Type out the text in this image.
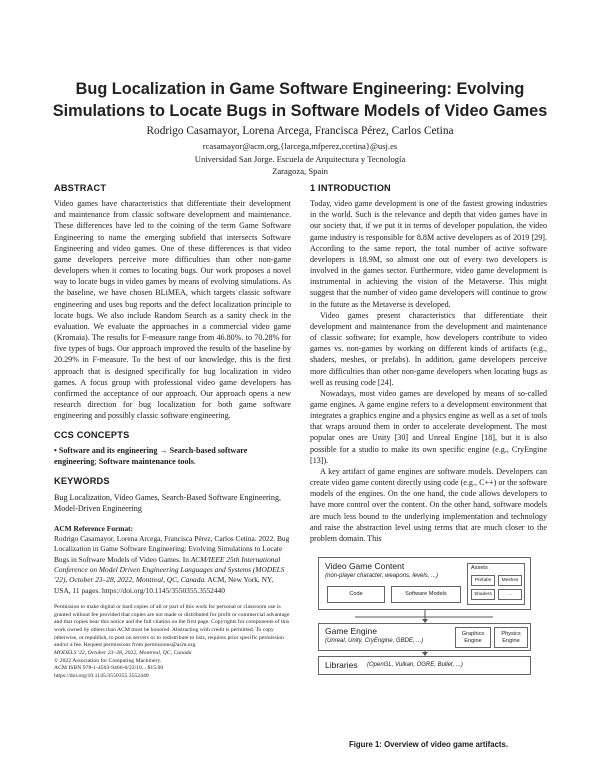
Bug Localization in Game Software Engineering: Evolving
Simulations to Locate Bugs in Software Models of Video Games
Rodrigo Casamayor, Lorena Arcega, Francisca Pérez, Carlos Cetina
rcasamayor@acm.org,{larcega,mfperez,ccetina}@usj.es
Universidad San Jorge. Escuela de Arquitectura y Tecnología
Zaragoza, Spain
ABSTRACT

Video games have characteristics that differentiate their development and maintenance from classic software development and maintenance. These differences have led to the coining of the term Game Software Engineering to name the emerging subfield that intersects Software Engineering and video games. One of these differences is that video game developers perceive more difficulties than other non-game developers when it comes to locating bugs. Our work proposes a novel way to locate bugs in video games by means of evolving simulations. As the baseline, we have chosen BLiMEA, which targets classic software engineering and uses bug reports and the defect localization principle to locate bugs. We also include Random Search as a sanity check in the evaluation. We evaluate the approaches in a commercial video game (Kromaia). The results for F-measure range from 46.80%. to 70.28% for five types of bugs. Our approach improved the results of the baseline by 20.29% in F-measure. To the best of our knowledge, this is the first approach that is designed specifically for bug localization in video games. A focus group with professional video game developers has confirmed the acceptance of our approach. Our approach opens a new research direction for bug localization for both game software engineering and possibly classic software engineering.

CCS CONCEPTS

• Software and its engineering → Search-based software engineering; Software maintenance tools.

KEYWORDS

Bug Localization, Video Games, Search-Based Software Engineering, Model-Driven Engineering

ACM Reference Format:

Rodrigo Casamayor, Lorena Arcega, Francisca Pérez, Carlos Cetina. 2022. Bug Localization in Game Software Engineering: Evolving Simulations to Locate Bugs in Software Models of Video Games. In ACM/IEEE 25th International Conference on Model Driven Engineering Languages and Systems (MODELS '22), October 23–28, 2022, Montreal, QC, Canada. ACM, New York, NY, USA, 11 pages. https://doi.org/10.1145/3550355.3552440

Permission to make digital or hard copies of all or part of this work for personal or classroom use is granted without fee provided that copies are not made or distributed for profit or commercial advantage and that copies bear this notice and the full citation on the first page. Copyrights for components of this work owned by others than ACM must be honored. Abstracting with credit is permitted. To copy otherwise, or republish, to post on servers or to redistribute to lists, requires prior specific permission and/or a fee. Request permissions from permissions@acm.org.
MODELS '22, October 23–28, 2022, Montreal, QC, Canada
© 2022 Association for Computing Machinery.
ACM ISBN 978-1-4503-9466-6/22/10... $15.00
https://doi.org/10.1145/3550355.3552440
1 INTRODUCTION

Today, video game development is one of the fastest growing industries in the world. Such is the relevance and depth that video games have in our society that, if we put it in terms of developer population, the video game industry is responsible for 8.8M active developers as of 2019 [29]. According to the same report, the total number of active software developers is 18.9M, so almost one out of every two developers is involved in the games sector. Furthermore, video game development is instrumental in achieving the vision of the Metaverse. This might suggest that the number of video game developers will continue to grow in the future as the Metaverse is developed.

Video games present characteristics that differentiate their development and maintenance from the development and maintenance of classic software; for example, how developers contribute to video games vs. non-games by working on different kinds of artifacts (e.g., shaders, meshes, or prefabs). In addition, game developers perceive more difficulties than other non-game developers when locating bugs as well as reusing code [24].

Nowadays, most video games are developed by means of so-called game engines. A game engine refers to a development environment that integrates a graphics engine and a physics engine as well as a set of tools that wraps around them in order to accelerate development. The most popular ones are Unity [30] and Unreal Engine [18], but it is also possible for a studio to make its own specific engine (e.g., CryEngine [13]).

A key artifact of game engines are software models. Developers can create video game content directly using code (e.g., C++) or the software models of the engines. On the one hand, the code allows developers to have more control over the content. On the other hand, software models are much less bound to the underlying implementation and technology and raise the abstraction level using terms that are much closer to the problem domain. This

Video Game Content
(non-player character, weapons, levels, ...)
Code	Software Models
Assets
Prefabs	Meshes
Shaders	...
Game Engine
(Unreal, Unity, CryEngine, GBDE, ...)
Graphics Engine
Physics Engine
Libraries (OpenGL, Vulkan, OGRE, Bullet, ...)
Figure 1: Overview of video game artifacts.
